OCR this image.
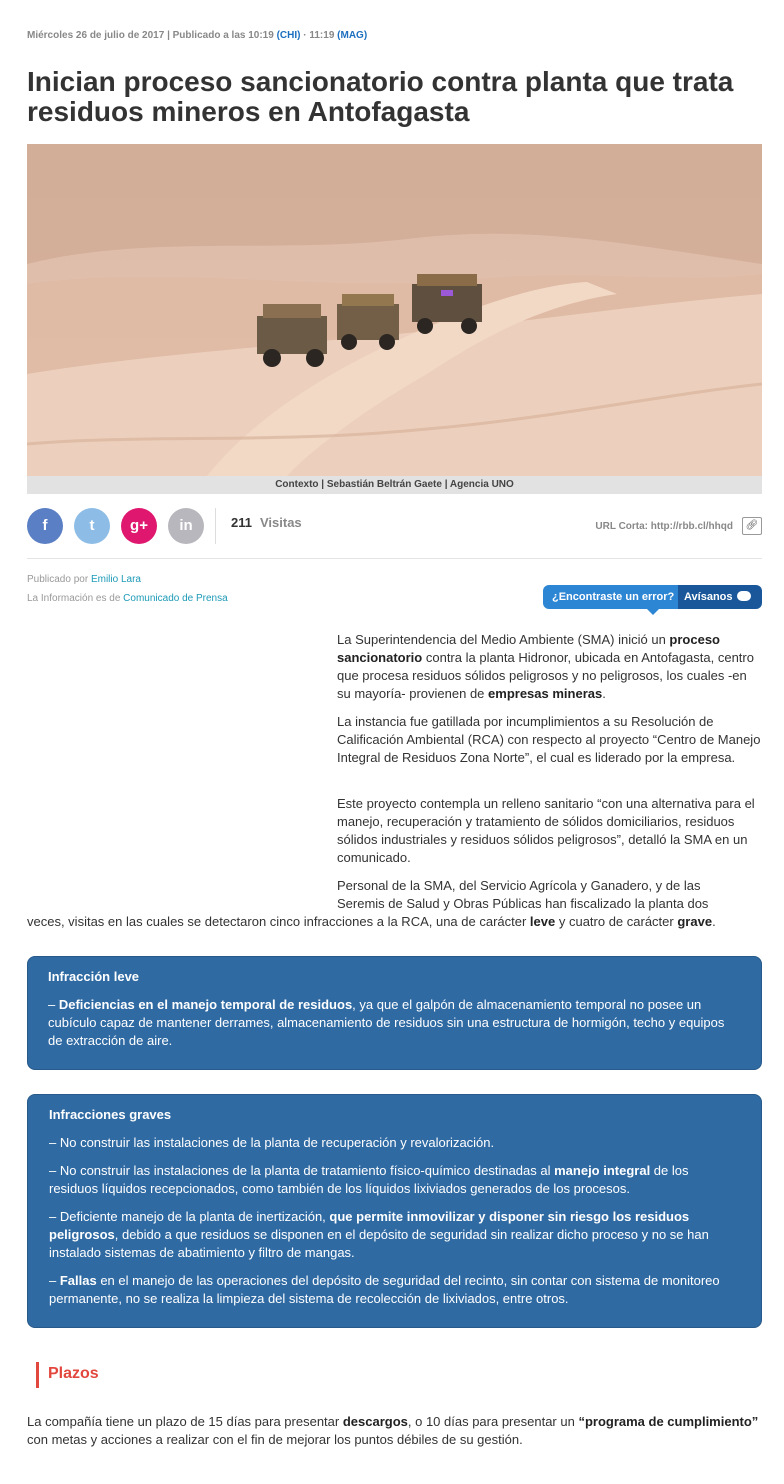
Miércoles 26 de julio de 2017 | Publicado a las 10:19 (CHI) · 11:19 (MAG)
Inician proceso sancionatorio contra planta que trata residuos mineros en Antofagasta
Contexto | Sebastián Beltrán Gaete | Agencia UNO
f	t	g+	in	211 Visitas	URL Corta: http://rbb.cl/hhqd	🔗︎
Publicado por Emilio Lara
La Información es de Comunicado de Prensa	¿Encontraste un error? Avísanos

La Superintendencia del Medio Ambiente (SMA) inició un proceso sancionatorio contra la planta Hidronor, ubicada en Antofagasta, centro que procesa residuos sólidos peligrosos y no peligrosos, los cuales -en su mayoría- provienen de empresas mineras.

La instancia fue gatillada por incumplimientos a su Resolución de Calificación Ambiental (RCA) con respecto al proyecto “Centro de Manejo Integral de Residuos Zona Norte”, el cual es liderado por la empresa.

Este proyecto contempla un relleno sanitario “con una alternativa para el manejo, recuperación y tratamiento de sólidos domiciliarios, residuos sólidos industriales y residuos sólidos peligrosos”, detalló la SMA en un comunicado.

Personal de la SMA, del Servicio Agrícola y Ganadero, y de las

Seremis de Salud y Obras Públicas han fiscalizado la planta dos

veces, visitas en las cuales se detectaron cinco infracciones a la RCA, una de carácter leve y cuatro de carácter grave.

Infracción leve

– Deficiencias en el manejo temporal de residuos, ya que el galpón de almacenamiento temporal no posee un cubículo capaz de mantener derrames, almacenamiento de residuos sin una estructura de hormigón, techo y equipos de extracción de aire.

Infracciones graves

– No construir las instalaciones de la planta de recuperación y revalorización.

– No construir las instalaciones de la planta de tratamiento físico-químico destinadas al manejo integral de los residuos líquidos recepcionados, como también de los líquidos lixiviados generados de los procesos.

– Deficiente manejo de la planta de inertización, que permite inmovilizar y disponer sin riesgo los residuos peligrosos, debido a que residuos se disponen en el depósito de seguridad sin realizar dicho proceso y no se han instalado sistemas de abatimiento y filtro de mangas.

– Fallas en el manejo de las operaciones del depósito de seguridad del recinto, sin contar con sistema de monitoreo permanente, no se realiza la limpieza del sistema de recolección de lixiviados, entre otros.

Plazos

La compañía tiene un plazo de 15 días para presentar descargos, o 10 días para presentar un “programa de cumplimiento” con metas y acciones a realizar con el fin de mejorar los puntos débiles de su gestión.
